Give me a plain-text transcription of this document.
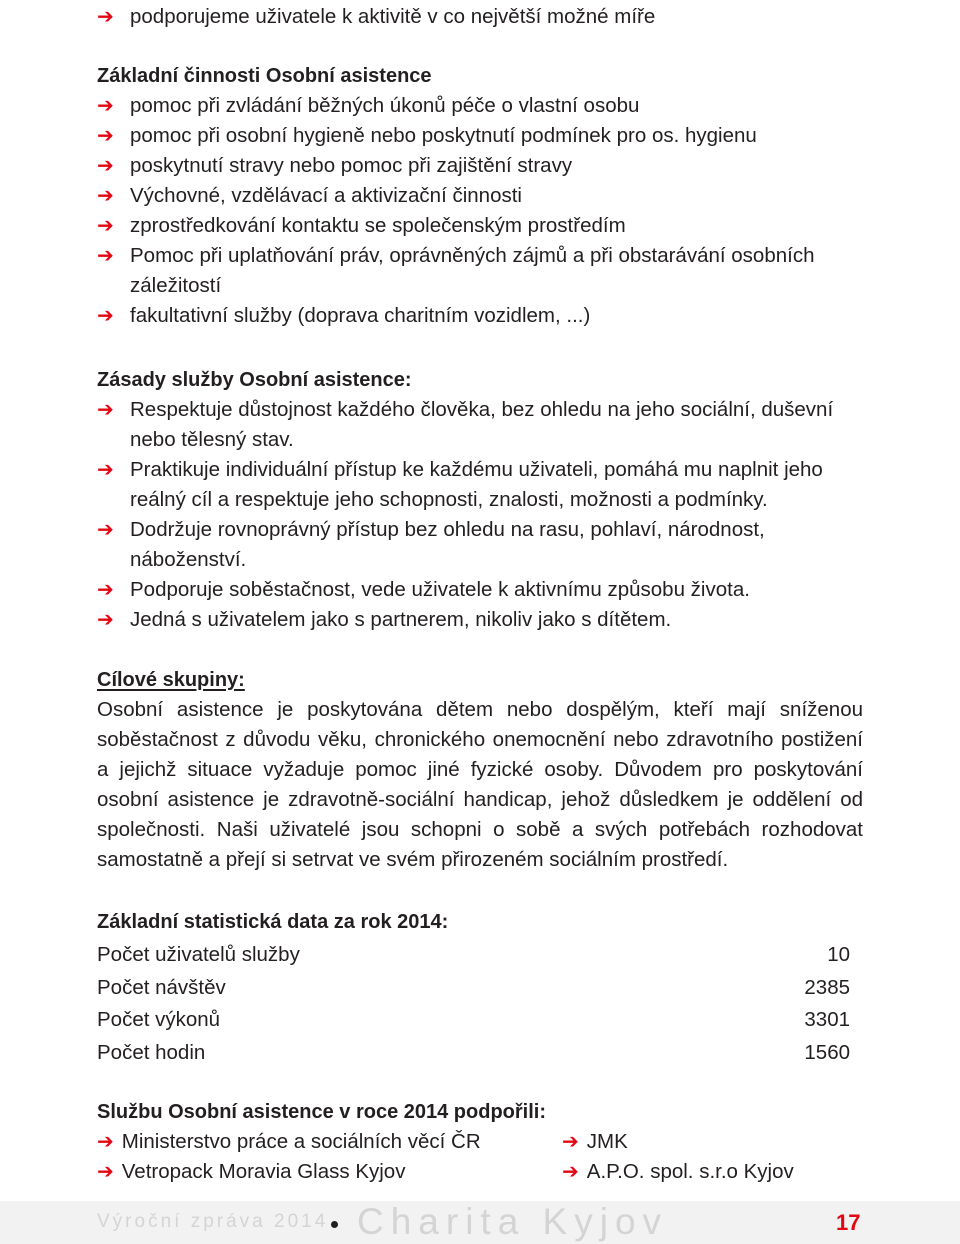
➔ podporujeme uživatele k aktivitě v co největší možné míře
Základní činnosti Osobní asistence
➔ pomoc při zvládání běžných úkonů péče o vlastní osobu
➔ pomoc při osobní hygieně nebo poskytnutí podmínek pro os. hygienu
➔ poskytnutí stravy nebo pomoc při zajištění stravy
➔ Výchovné, vzdělávací a aktivizační činnosti
➔ zprostředkování kontaktu se společenským prostředím
➔ Pomoc při uplatňování práv, oprávněných zájmů a při obstarávání osobních záležitostí
➔ fakultativní služby (doprava charitním vozidlem, ...)
Zásady služby Osobní asistence:
➔ Respektuje důstojnost každého člověka, bez ohledu na jeho sociální, duševní nebo tělesný stav.
➔ Praktikuje individuální přístup ke každému uživateli, pomáhá mu naplnit jeho reálný cíl a respektuje jeho schopnosti, znalosti, možnosti a podmínky.
➔ Dodržuje rovnoprávný přístup bez ohledu na rasu, pohlaví, národnost, náboženství.
➔ Podporuje soběstačnost, vede uživatele k aktivnímu způsobu života.
➔ Jedná s uživatelem jako s partnerem, nikoliv jako s dítětem.
Cílové skupiny:
Osobní asistence je poskytována dětem nebo dospělým, kteří mají sníženou soběstačnost z důvodu věku, chronického onemocnění nebo zdravotního postižení a jejichž situace vyžaduje pomoc jiné fyzické osoby. Důvodem pro poskytování osobní asistence je zdravotně-sociální handicap, jehož důsledkem je oddělení od společnosti. Naši uživatelé jsou schopni o sobě a svých potřebách rozhodovat samostatně a přejí si setrvat ve svém přirozeném sociálním prostředí.
Základní statistická data za rok 2014:
Počet uživatelů služby	10
Počet návštěv	2385
Počet výkonů	3301
Počet hodin	1560
Službu Osobní asistence v roce 2014 podpořili:
➔ Ministerstvo práce a sociálních věcí ČR	➔ JMK
➔ Vetropack Moravia Glass Kyjov	➔ A.P.O. spol. s.r.o Kyjov
Výroční zpráva 2014 Charita Kyjov	17
